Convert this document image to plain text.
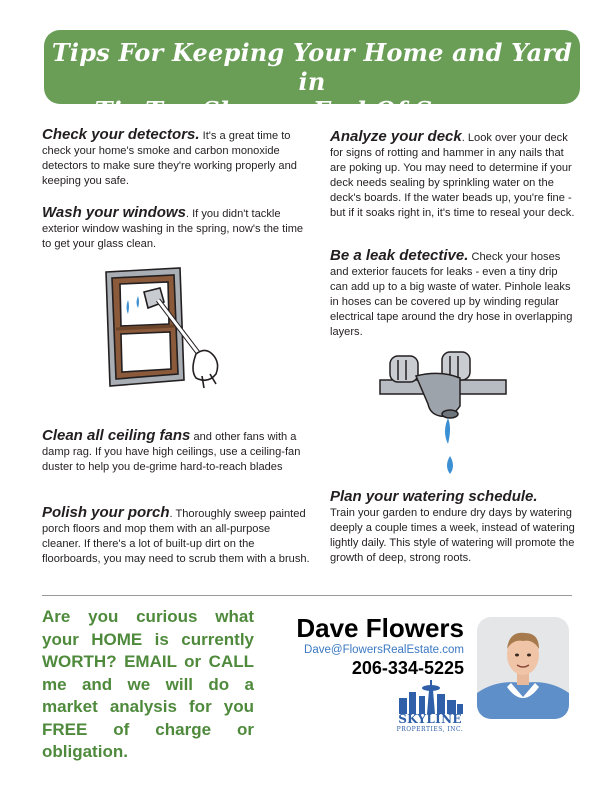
Tips For Keeping Your Home and Yard in
Tip-Top Shape - End Of Summer
Check your detectors. It's a great time to check your home's smoke and carbon monoxide detectors to make sure they're working properly and keeping you safe.
Wash your windows. If you didn't tackle exterior window washing in the spring, now's the time to get your glass clean.
Clean all ceiling fans and other fans with a damp rag. If you have high ceilings, use a ceiling-fan duster to help you de-grime hard-to-reach blades
Polish your porch. Thoroughly sweep painted porch floors and mop them with an all-purpose cleaner. If there's a lot of built-up dirt on the floorboards, you may need to scrub them with a brush.
Analyze your deck. Look over your deck for signs of rotting and hammer in any nails that are poking up. You may need to determine if your deck needs sealing by sprinkling water on the deck's boards. If the water beads up, you're fine - but if it soaks right in, it's time to reseal your deck.
Be a leak detective. Check your hoses and exterior faucets for leaks - even a tiny drip can add up to a big waste of water. Pinhole leaks in hoses can be covered up by winding regular electrical tape around the dry hose in overlapping layers.
Plan your watering schedule.
Train your garden to endure dry days by watering deeply a couple times a week, instead of watering lightly daily. This style of watering will promote the growth of deep, strong roots.
Are you curious what your HOME is currently WORTH? EMAIL or CALL me and we will do a market analysis for you FREE of charge or obligation.
Dave Flowers
Dave@FlowersRealEstate.com
206-334-5225
SKYLINE
PROPERTIES, INC.
